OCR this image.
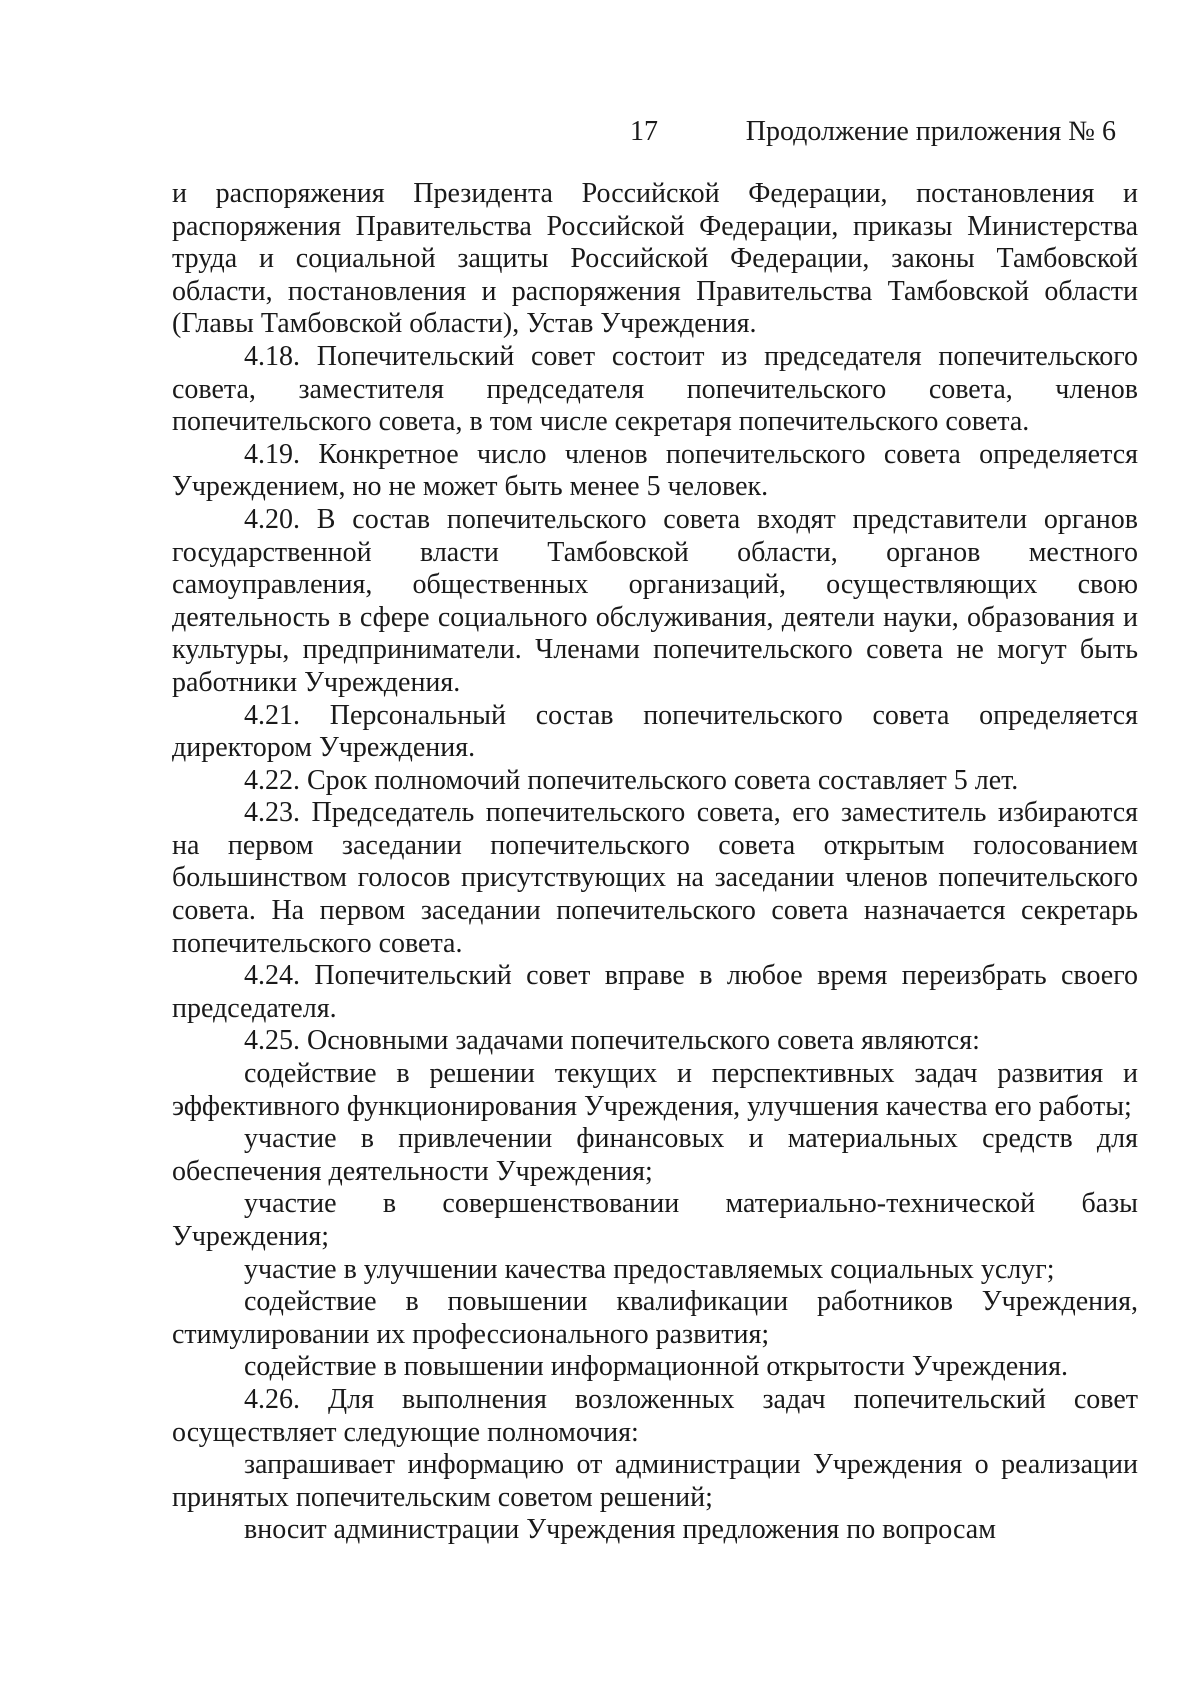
17	Продолжение приложения № 6

и распоряжения Президента Российской Федерации, постановления и распоряжения Правительства Российской Федерации, приказы Министерства труда и социальной защиты Российской Федерации, законы Тамбовской области, постановления и распоряжения Правительства Тамбовской области (Главы Тамбовской области), Устав Учреждения.

4.18. Попечительский совет состоит из председателя попечительского совета, заместителя председателя попечительского совета, членов попечительского совета, в том числе секретаря попечительского совета.

4.19. Конкретное число членов попечительского совета определяется Учреждением, но не может быть менее 5 человек.

4.20. В состав попечительского совета входят представители органов государственной власти Тамбовской области, органов местного самоуправления, общественных организаций, осуществляющих свою деятельность в сфере социального обслуживания, деятели науки, образования и культуры, предприниматели. Членами попечительского совета не могут быть работники Учреждения.

4.21. Персональный состав попечительского совета определяется директором Учреждения.

4.22. Срок полномочий попечительского совета составляет 5 лет.

4.23. Председатель попечительского совета, его заместитель избираются на первом заседании попечительского совета открытым голосованием большинством голосов присутствующих на заседании членов попечительского совета. На первом заседании попечительского совета назначается секретарь попечительского совета.

4.24. Попечительский совет вправе в любое время переизбрать своего председателя.

4.25. Основными задачами попечительского совета являются:

содействие в решении текущих и перспективных задач развития и эффективного функционирования Учреждения, улучшения качества его работы;

участие в привлечении финансовых и материальных средств для обеспечения деятельности Учреждения;

участие в совершенствовании материально-технической базы Учреждения;

участие в улучшении качества предоставляемых социальных услуг;

содействие в повышении квалификации работников Учреждения, стимулировании их профессионального развития;

содействие в повышении информационной открытости Учреждения.

4.26. Для выполнения возложенных задач попечительский совет осуществляет следующие полномочия:

запрашивает информацию от администрации Учреждения о реализации принятых попечительским советом решений;

вносит администрации Учреждения предложения по вопросам
